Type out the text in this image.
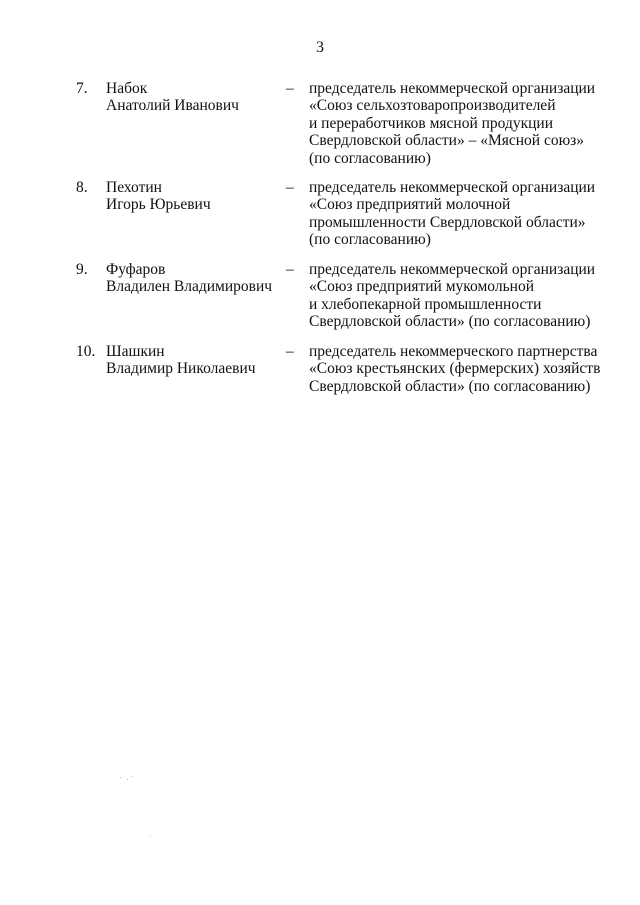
3
7. Набок
Анатолий Иванович
– председатель некоммерческой организации
«Союз сельхозтоваропроизводителей
и переработчиков мясной продукции
Свердловской области» – «Мясной союз»
(по согласованию)
8. Пехотин
Игорь Юрьевич
– председатель некоммерческой организации
«Союз предприятий молочной
промышленности Свердловской области»
(по согласованию)
9. Фуфаров
Владилен Владимирович
– председатель некоммерческой организации
«Союз предприятий мукомольной
и хлебопекарной промышленности
Свердловской области» (по согласованию)
10. Шашкин
Владимир Николаевич
– председатель некоммерческого партнерства
«Союз крестьянских (фермерских) хозяйств
Свердловской области» (по согласованию)
